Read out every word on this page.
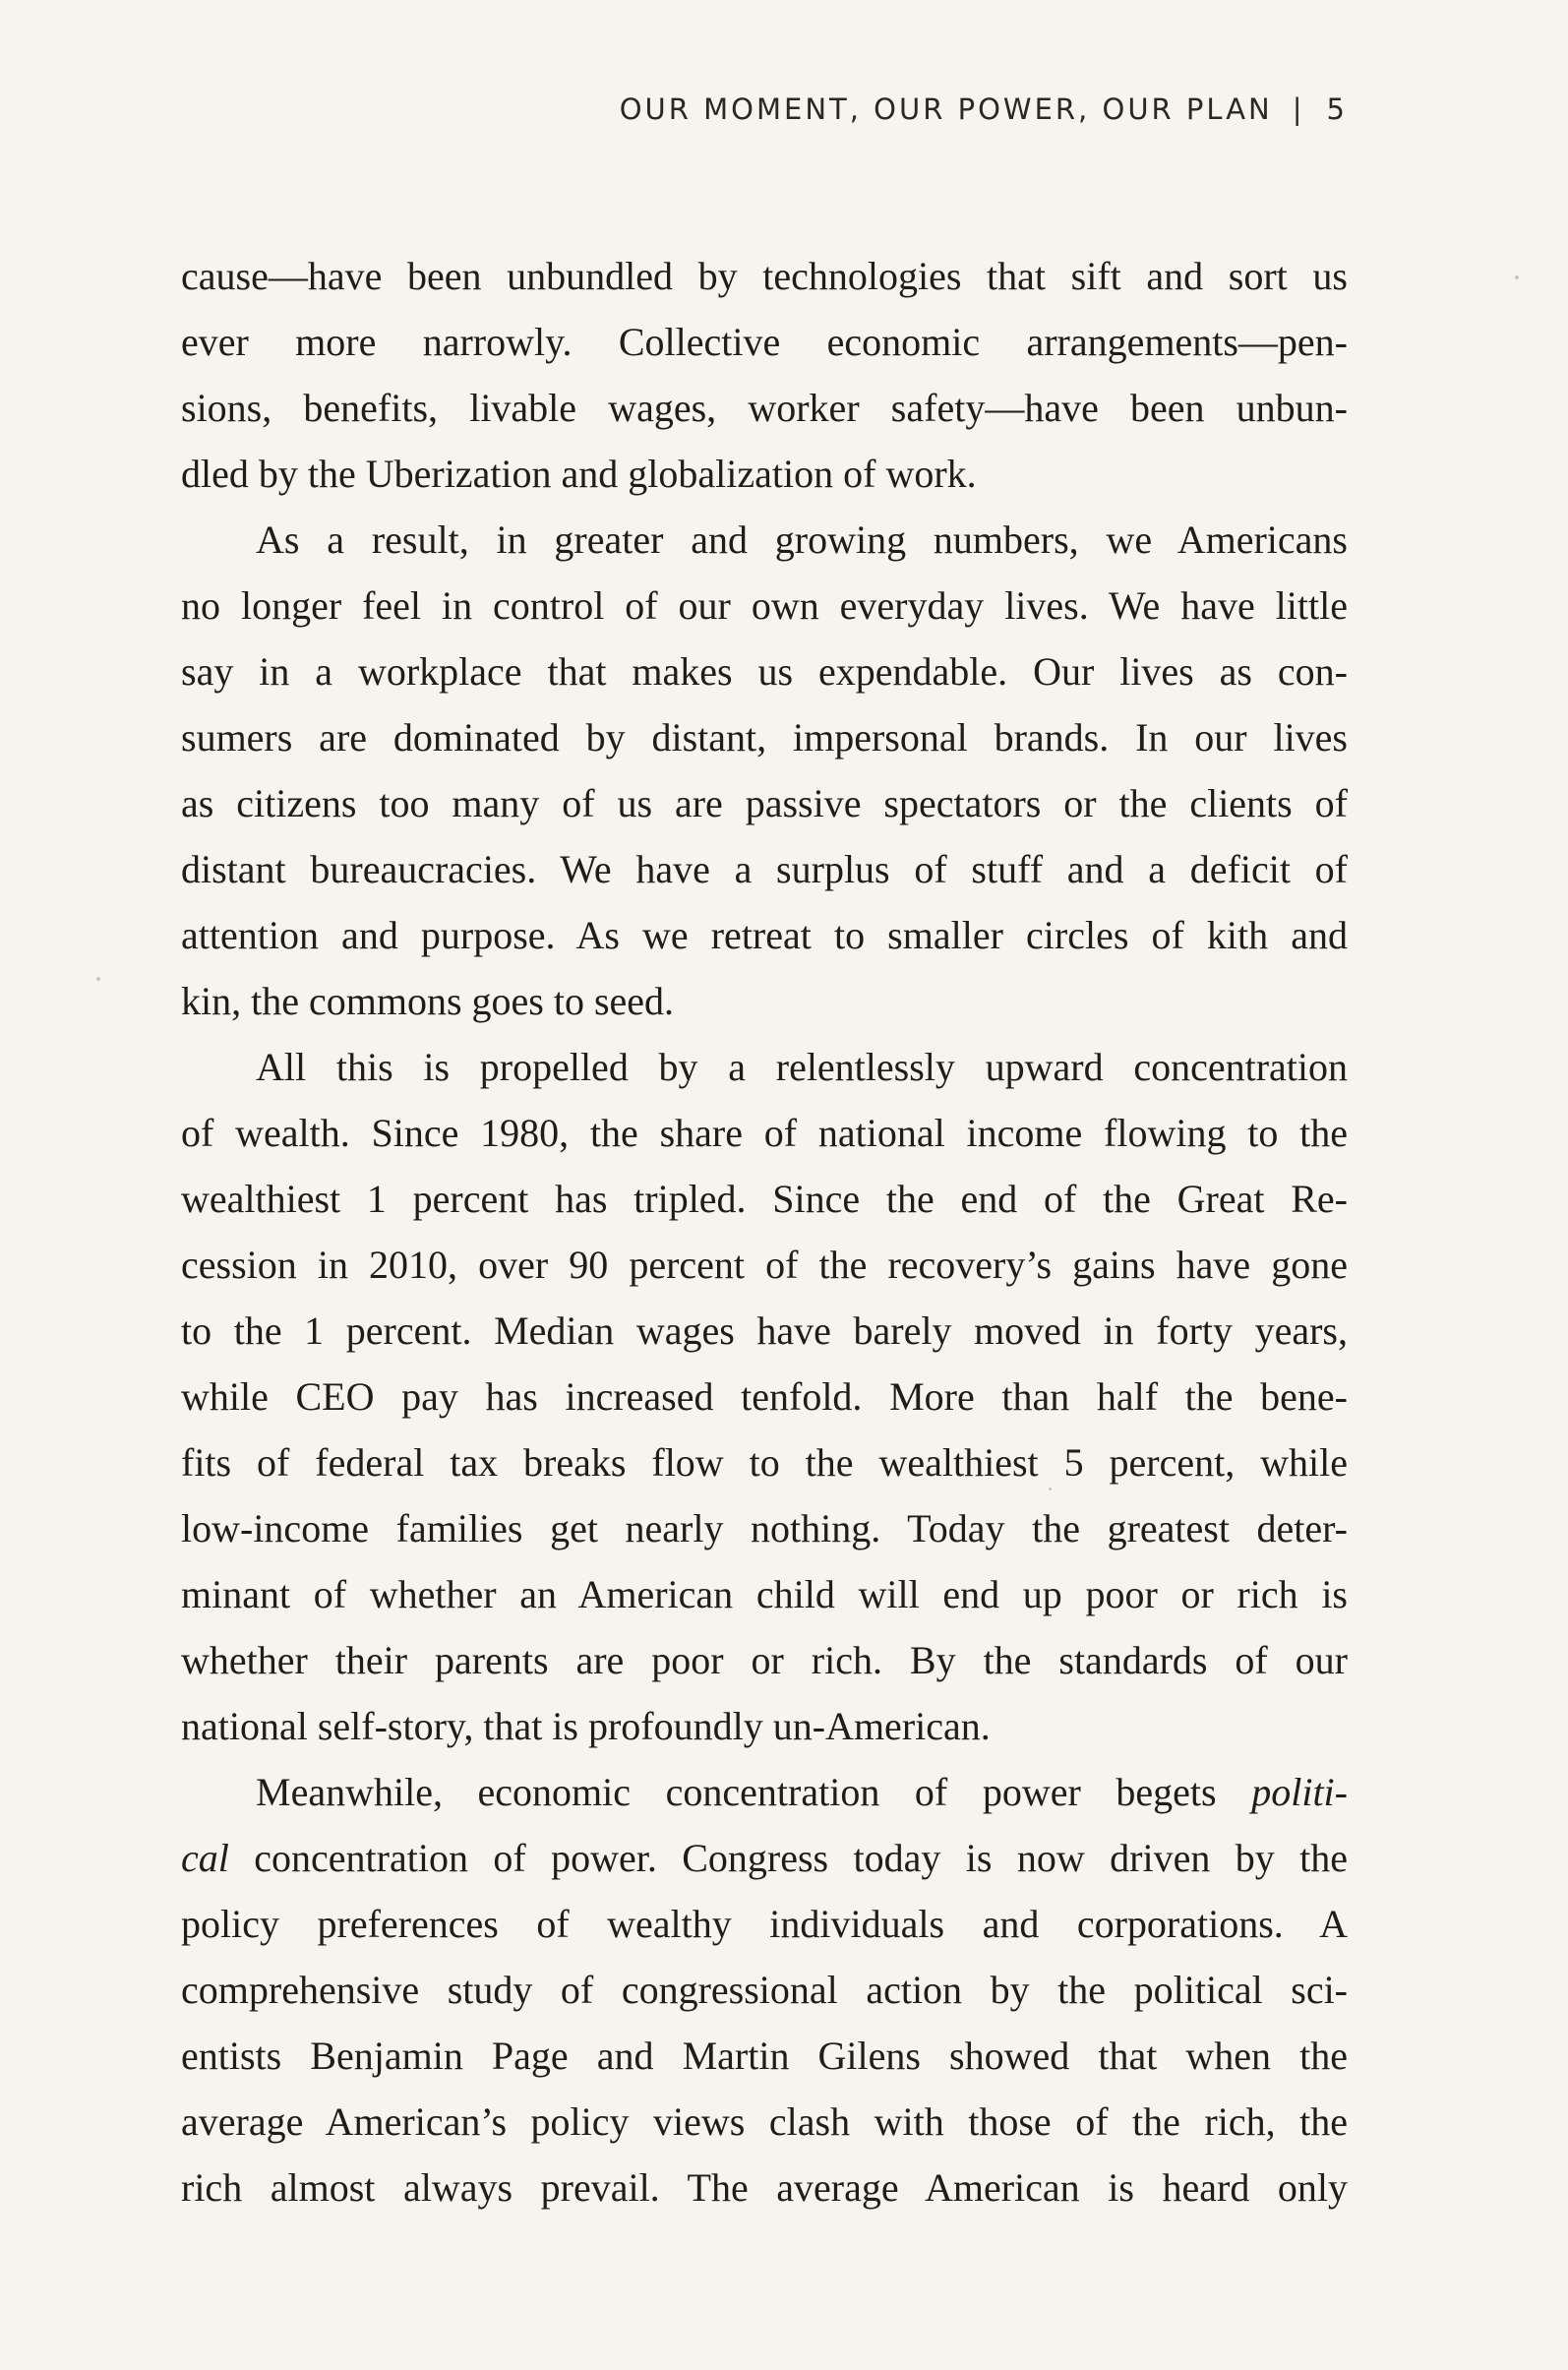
OUR MOMENT, OUR POWER, OUR PLAN | 5
cause—have been unbundled by technologies that sift and sort us
ever more narrowly. Collective economic arrangements—pen-
sions, benefits, livable wages, worker safety—have been unbun-
dled by the Uberization and globalization of work.
As a result, in greater and growing numbers, we Americans
no longer feel in control of our own everyday lives. We have little
say in a workplace that makes us expendable. Our lives as con-
sumers are dominated by distant, impersonal brands. In our lives
as citizens too many of us are passive spectators or the clients of
distant bureaucracies. We have a surplus of stuff and a deficit of
attention and purpose. As we retreat to smaller circles of kith and
kin, the commons goes to seed.
All this is propelled by a relentlessly upward concentration
of wealth. Since 1980, the share of national income flowing to the
wealthiest 1 percent has tripled. Since the end of the Great Re-
cession in 2010, over 90 percent of the recovery’s gains have gone
to the 1 percent. Median wages have barely moved in forty years,
while CEO pay has increased tenfold. More than half the bene-
fits of federal tax breaks flow to the wealthiest 5 percent, while
low-income families get nearly nothing. Today the greatest deter-
minant of whether an American child will end up poor or rich is
whether their parents are poor or rich. By the standards of our
national self-story, that is profoundly un-American.
Meanwhile, economic concentration of power begets politi-
cal concentration of power. Congress today is now driven by the
policy preferences of wealthy individuals and corporations. A
comprehensive study of congressional action by the political sci-
entists Benjamin Page and Martin Gilens showed that when the
average American’s policy views clash with those of the rich, the
rich almost always prevail. The average American is heard only
